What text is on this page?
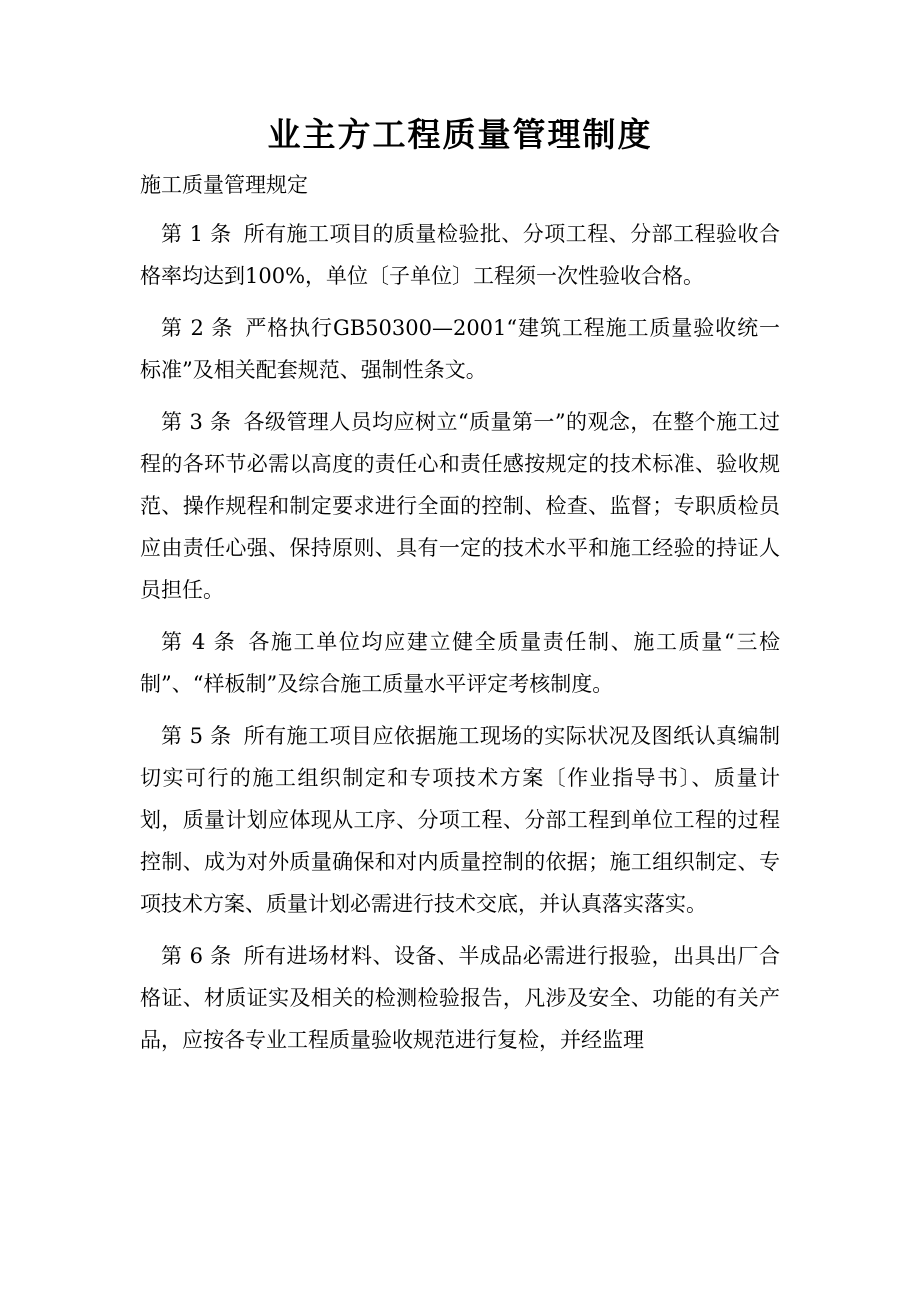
业主方工程质量管理制度
施工质量管理规定

第 1 条 所有施工项目的质量检验批、分项工程、分部工程验收合格率均达到100%，单位〔子单位〕工程须一次性验收合格。

第 2 条 严格执行GB50300—2001“建筑工程施工质量验收统一标准”及相关配套规范、强制性条文。

第 3 条 各级管理人员均应树立“质量第一”的观念，在整个施工过程的各环节必需以高度的责任心和责任感按规定的技术标准、验收规范、操作规程和制定要求进行全面的控制、检查、监督；专职质检员应由责任心强、保持原则、具有一定的技术水平和施工经验的持证人员担任。

第 4 条 各施工单位均应建立健全质量责任制、施工质量“三检制”、“样板制”及综合施工质量水平评定考核制度。

第 5 条 所有施工项目应依据施工现场的实际状况及图纸认真编制切实可行的施工组织制定和专项技术方案〔作业指导书〕、质量计划，质量计划应体现从工序、分项工程、分部工程到单位工程的过程控制、成为对外质量确保和对内质量控制的依据；施工组织制定、专项技术方案、质量计划必需进行技术交底，并认真落实落实。

第 6 条 所有进场材料、设备、半成品必需进行报验，出具出厂合格证、材质证实及相关的检测检验报告，凡涉及安全、功能的有关产品，应按各专业工程质量验收规范进行复检，并经监理
